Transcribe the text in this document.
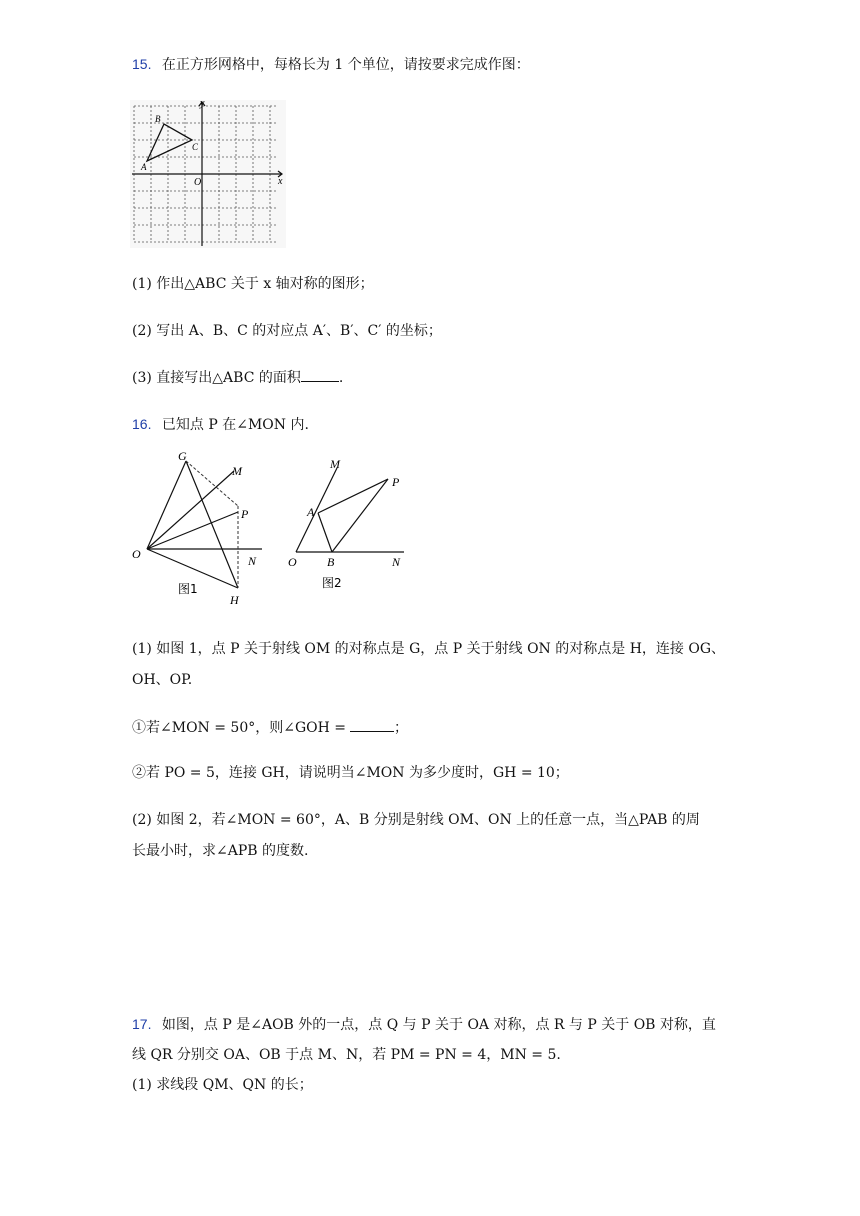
15. 在正方形网格中，每格长为 1 个单位，请按要求完成作图：
y
x
O
A
B
C
(1) 作出△ABC 关于 x 轴对称的图形；
(2) 写出 A、B、C 的对应点 A′、B′、C′ 的坐标；
(3) 直接写出△ABC 的面积	.
16. 已知点 P 在∠MON 内.
G
M
P
O	N
H
图1
M
P
A
O	B	N
图2
(1) 如图 1，点 P 关于射线 OM 的对称点是 G，点 P 关于射线 ON 的对称点是 H，连接 OG、
OH、OP.
①若∠MON = 50°，则∠GOH =	；
②若 PO = 5，连接 GH，请说明当∠MON 为多少度时，GH = 10；
(2) 如图 2，若∠MON = 60°，A、B 分别是射线 OM、ON 上的任意一点，当△PAB 的周
长最小时，求∠APB 的度数.
17. 如图，点 P 是∠AOB 外的一点，点 Q 与 P 关于 OA 对称，点 R 与 P 关于 OB 对称，直
线 QR 分别交 OA、OB 于点 M、N，若 PM = PN = 4，MN = 5.
(1) 求线段 QM、QN 的长；
